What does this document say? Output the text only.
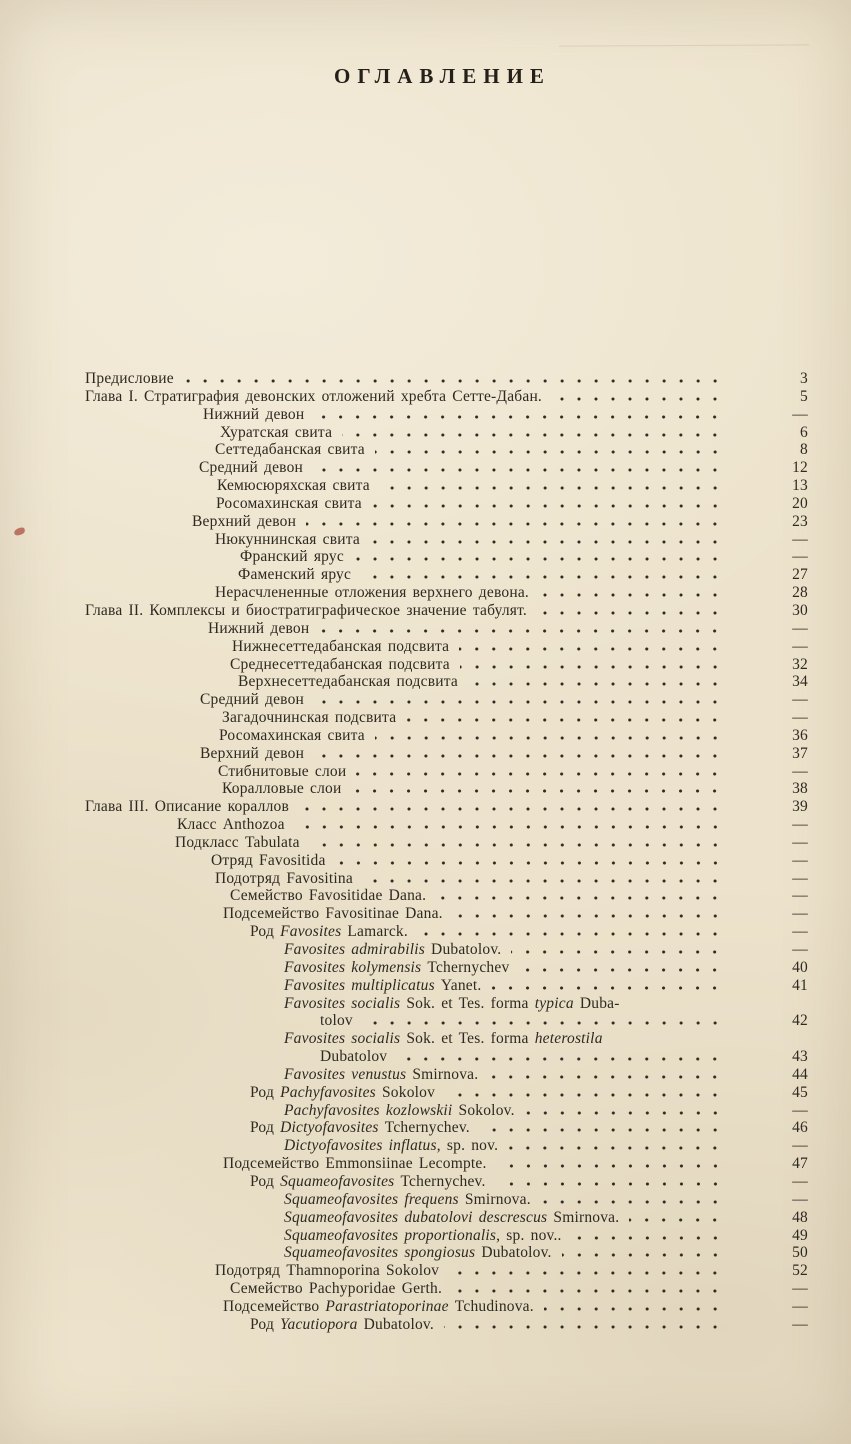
ОГЛАВЛЕНИЕ
Предисловие	3
Глава I. Стратиграфия девонских отложений хребта Сетте-Дабан.	5
Нижний девон	—
Хуратская свита	6
Сеттедабанская свита	8
Средний девон	12
Кемюсюряхская свита	13
Росомахинская свита	20
Верхний девон	23
Нюкуннинская свита	—
Франский ярус	—
Фаменский ярус	27
Нерасчлененные отложения верхнего девона.	28
Глава II. Комплексы и биостратиграфическое значение табулят.	30
Нижний девон	—
Нижнесеттедабанская подсвита	—
Среднесеттедабанская подсвита	32
Верхнесеттедабанская подсвита	34
Средний девон	—
Загадочнинская подсвита	—
Росомахинская свита	36
Верхний девон	37
Стибнитовые слои	—
Коралловые слои	38
Глава III. Описание кораллов	39
Класс Anthozoa	—
Подкласс Tabulata	—
Отряд Favositida	—
Подотряд Favositina	—
Семейство Favositidae Dana.	—
Подсемейство Favositinae Dana.	—
Род Favosites Lamarck.	—
Favosites admirabilis Dubatolov.	—
Favosites kolymensis Tchernychev	40
Favosites multiplicatus Yanet.	41
Favosites socialis Sok. et Tes. forma typica Duba-
tolov	42
Favosites socialis Sok. et Tes. forma heterostila
Dubatolov	43
Favosites venustus Smirnova.	44
Род Pachyfavosites Sokolov	45
Pachyfavosites kozlowskii Sokolov.	—
Род Dictyofavosites Tchernychev.	46
Dictyofavosites inflatus, sp. nov.	—
Подсемейство Emmonsiinae Lecompte.	47
Род Squameofavosites Tchernychev.	—
Squameofavosites frequens Smirnova.	—
Squameofavosites dubatolovi descrescus Smirnova.	48
Squameofavosites proportionalis, sp. nov..	49
Squameofavosites spongiosus Dubatolov.	50
Подотряд Thamnoporina Sokolov	52
Семейство Pachyporidae Gerth.	—
Подсемейство Parastriatoporinae Tchudinova.	—
Род Yacutiopora Dubatolov.	—
